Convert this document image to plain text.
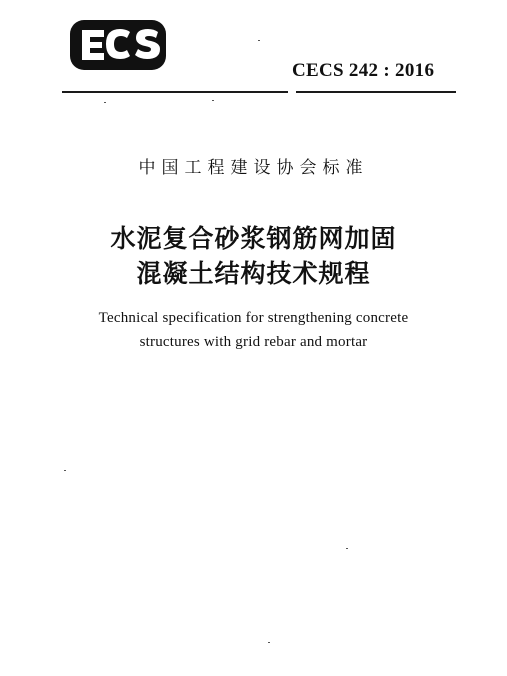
CECS 242 : 2016
中国工程建设协会标准
水泥复合砂浆钢筋网加固
混凝土结构技术规程
Technical specification for strengthening concrete
structures with grid rebar and mortar
